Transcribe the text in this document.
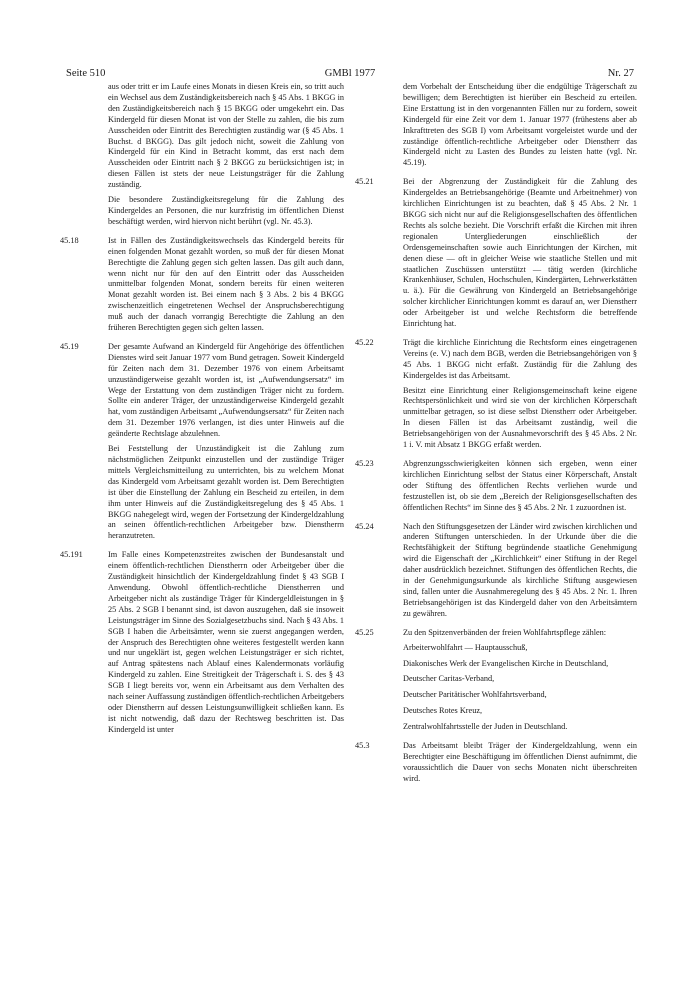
Seite 510	GMBl 1977	Nr. 27

aus oder tritt er im Laufe eines Monats in diesen Kreis ein, so tritt auch ein Wechsel aus dem Zuständigkeitsbereich nach § 45 Abs. 1 BKGG in den Zuständigkeitsbereich nach § 15 BKGG oder umgekehrt ein. Das Kindergeld für diesen Monat ist von der Stelle zu zahlen, die bis zum Ausscheiden oder Eintritt des Berechtigten zuständig war (§ 45 Abs. 1 Buchst. d BKGG). Das gilt jedoch nicht, soweit die Zahlung von Kindergeld für ein Kind in Betracht kommt, das erst nach dem Ausscheiden oder Eintritt nach § 2 BKGG zu berücksichtigen ist; in diesen Fällen ist stets der neue Leistungsträger für die Zahlung zuständig.

Die besondere Zuständigkeitsregelung für die Zahlung des Kindergeldes an Personen, die nur kurzfristig im öffentlichen Dienst beschäftigt werden, wird hiervon nicht berührt (vgl. Nr. 45.3).

45.18	Ist in Fällen des Zuständigkeitswechsels das Kindergeld bereits für einen folgenden Monat gezahlt worden, so muß der für diesen Monat Berechtigte die Zahlung gegen sich gelten lassen. Das gilt auch dann, wenn nicht nur für den auf den Eintritt oder das Ausscheiden unmittelbar folgenden Monat, sondern bereits für einen weiteren Monat gezahlt worden ist. Bei einem nach § 3 Abs. 2 bis 4 BKGG zwischenzeitlich eingetretenen Wechsel der Anspruchsberechtigung muß auch der danach vorrangig Berechtigte die Zahlung an den früheren Berechtigten gegen sich gelten lassen.

45.19	Der gesamte Aufwand an Kindergeld für Angehörige des öffentlichen Dienstes wird seit Januar 1977 vom Bund getragen. Soweit Kindergeld für Zeiten nach dem 31. Dezember 1976 von einem Arbeitsamt unzuständigerweise gezahlt worden ist, ist „Aufwendungsersatz“ im Wege der Erstattung von dem zuständigen Träger nicht zu fordern. Sollte ein anderer Träger, der unzuständigerweise Kindergeld gezahlt hat, vom zuständigen Arbeitsamt „Aufwendungsersatz“ für Zeiten nach dem 31. Dezember 1976 verlangen, ist dies unter Hinweis auf die geänderte Rechtslage abzulehnen.

Bei Feststellung der Unzuständigkeit ist die Zahlung zum nächstmöglichen Zeitpunkt einzustellen und der zuständige Träger mittels Vergleichsmitteilung zu unterrichten, bis zu welchem Monat das Kindergeld vom Arbeitsamt gezahlt worden ist. Dem Berechtigten ist über die Einstellung der Zahlung ein Bescheid zu erteilen, in dem ihm unter Hinweis auf die Zuständigkeitsregelung des § 45 Abs. 1 BKGG nahegelegt wird, wegen der Fortsetzung der Kindergeldzahlung an seinen öffentlich-rechtlichen Arbeitgeber bzw. Dienstherrn heranzutreten.

45.191	Im Falle eines Kompetenzstreites zwischen der Bundesanstalt und einem öffentlich-rechtlichen Dienstherrn oder Arbeitgeber über die Zuständigkeit hinsichtlich der Kindergeldzahlung findet § 43 SGB I Anwendung. Obwohl öffentlich-rechtliche Dienstherren und Arbeitgeber nicht als zuständige Träger für Kindergeldleistungen in § 25 Abs. 2 SGB I benannt sind, ist davon auszugehen, daß sie insoweit Leistungsträger im Sinne des Sozialgesetzbuchs sind. Nach § 43 Abs. 1 SGB I haben die Arbeitsämter, wenn sie zuerst angegangen werden, der Anspruch des Berechtigten ohne weiteres festgestellt werden kann und nur ungeklärt ist, gegen welchen Leistungsträger er sich richtet, auf Antrag spätestens nach Ablauf eines Kalendermonats vorläufig Kindergeld zu zahlen. Eine Streitigkeit der Trägerschaft i. S. des § 43 SGB I liegt bereits vor, wenn ein Arbeitsamt aus dem Verhalten des nach seiner Auffassung zuständigen öffentlich-rechtlichen Arbeitgebers oder Dienstherrn auf dessen Leistungsunwilligkeit schließen kann. Es ist nicht notwendig, daß dazu der Rechtsweg beschritten ist. Das Kindergeld ist unter

dem Vorbehalt der Entscheidung über die endgültige Trägerschaft zu bewilligen; dem Berechtigten ist hierüber ein Bescheid zu erteilen. Eine Erstattung ist in den vorgenannten Fällen nur zu fordern, soweit Kindergeld für eine Zeit vor dem 1. Januar 1977 (frühestens aber ab Inkrafttreten des SGB I) vom Arbeitsamt vorgeleistet wurde und der zuständige öffentlich-rechtliche Arbeitgeber oder Dienstherr das Kindergeld nicht zu Lasten des Bundes zu leisten hatte (vgl. Nr. 45.19).

45.21	Bei der Abgrenzung der Zuständigkeit für die Zahlung des Kindergeldes an Betriebsangehörige (Beamte und Arbeitnehmer) von kirchlichen Einrichtungen ist zu beachten, daß § 45 Abs. 2 Nr. 1 BKGG sich nicht nur auf die Religionsgesellschaften des öffentlichen Rechts als solche bezieht. Die Vorschrift erfaßt die Kirchen mit ihren regionalen Untergliederungen einschließlich der Ordensgemeinschaften sowie auch Einrichtungen der Kirchen, mit denen diese — oft in gleicher Weise wie staatliche Stellen und mit staatlichen Zuschüssen unterstützt — tätig werden (kirchliche Krankenhäuser, Schulen, Hochschulen, Kindergärten, Lehrwerkstätten u. ä.). Für die Gewährung von Kindergeld an Betriebsangehörige solcher kirchlicher Einrichtungen kommt es darauf an, wer Dienstherr oder Arbeitgeber ist und welche Rechtsform die betreffende Einrichtung hat.

45.22	Trägt die kirchliche Einrichtung die Rechtsform eines eingetragenen Vereins (e. V.) nach dem BGB, werden die Betriebsangehörigen von § 45 Abs. 1 BKGG nicht erfaßt. Zuständig für die Zahlung des Kindergeldes ist das Arbeitsamt.

Besitzt eine Einrichtung einer Religionsgemeinschaft keine eigene Rechtspersönlichkeit und wird sie von der kirchlichen Körperschaft unmittelbar getragen, so ist diese selbst Dienstherr oder Arbeitgeber. In diesen Fällen ist das Arbeitsamt zuständig, weil die Betriebsangehörigen von der Ausnahmevorschrift des § 45 Abs. 2 Nr. 1 i. V. mit Absatz 1 BKGG erfaßt werden.

45.23	Abgrenzungsschwierigkeiten können sich ergeben, wenn einer kirchlichen Einrichtung selbst der Status einer Körperschaft, Anstalt oder Stiftung des öffentlichen Rechts verliehen wurde und festzustellen ist, ob sie dem „Bereich der Religionsgesellschaften des öffentlichen Rechts“ im Sinne des § 45 Abs. 2 Nr. 1 zuzuordnen ist.

45.24	Nach den Stiftungsgesetzen der Länder wird zwischen kirchlichen und anderen Stiftungen unterschieden. In der Urkunde über die die Rechtsfähigkeit der Stiftung begründende staatliche Genehmigung wird die Eigenschaft der „Kirchlichkeit“ einer Stiftung in der Regel daher ausdrücklich bezeichnet. Stiftungen des öffentlichen Rechts, die in der Genehmigungsurkunde als kirchliche Stiftung ausgewiesen sind, fallen unter die Ausnahmeregelung des § 45 Abs. 2 Nr. 1. Ihren Betriebsangehörigen ist das Kindergeld daher von den Arbeitsämtern zu gewähren.

45.25	Zu den Spitzenverbänden der freien Wohlfahrtspflege zählen:

Arbeiterwohlfahrt — Hauptausschuß,
Diakonisches Werk der Evangelischen Kirche in Deutschland,
Deutscher Caritas-Verband,
Deutscher Paritätischer Wohlfahrtsverband,
Deutsches Rotes Kreuz,
Zentralwohlfahrtsstelle der Juden in Deutschland.
45.3	Das Arbeitsamt bleibt Träger der Kindergeldzahlung, wenn ein Berechtigter eine Beschäftigung im öffentlichen Dienst aufnimmt, die voraussichtlich die Dauer von sechs Monaten nicht überschreiten wird.
